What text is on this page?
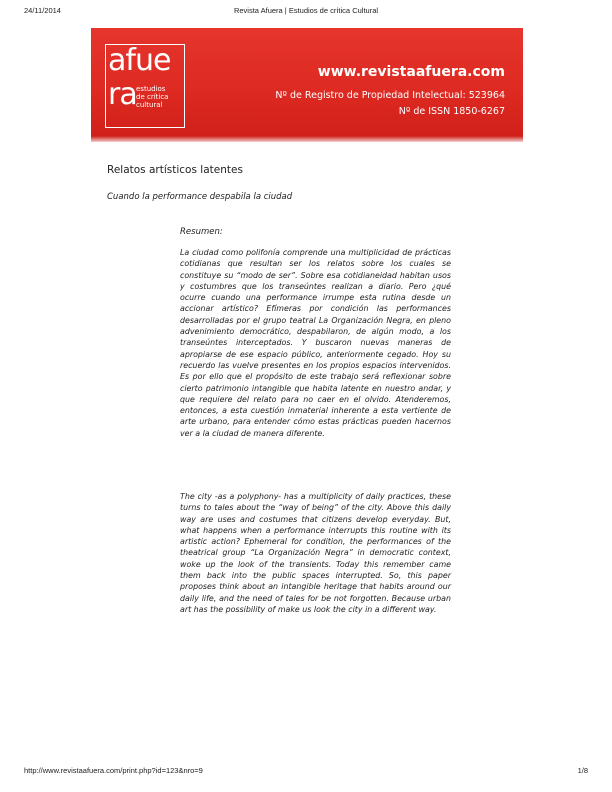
24/11/2014	Revista Afuera | Estudios de crítica Cultural
afue
ra estudios
de crítica
cultural
www.revistaafuera.com
Nº de Registro de Propiedad Intelectual: 523964
Nº de ISSN 1850-6267
Relatos artísticos latentes
Cuando la performance despabila la ciudad
Resumen:

La ciudad como polifonía comprende una multiplicidad de prácticas cotidianas que resultan ser los relatos sobre los cuales se constituye su “modo de ser”. Sobre esa cotidianeidad habitan usos y costumbres que los transeúntes realizan a diario. Pero ¿qué ocurre cuando una performance irrumpe esta rutina desde un accionar artístico? Efímeras por condición las performances desarrolladas por el grupo teatral La Organización Negra, en pleno advenimiento democrático, despabilaron, de algún modo, a los transeúntes interceptados. Y buscaron nuevas maneras de apropiarse de ese espacio público, anteriormente cegado. Hoy su recuerdo las vuelve presentes en los propios espacios intervenidos. Es por ello que el propósito de este trabajo será reflexionar sobre cierto patrimonio intangible que habita latente en nuestro andar, y que requiere del relato para no caer en el olvido. Atenderemos, entonces, a esta cuestión inmaterial inherente a esta vertiente de arte urbano, para entender cómo estas prácticas pueden hacernos ver a la ciudad de manera diferente.

The city -as a polyphony- has a multiplicity of daily practices, these turns to tales about the “way of being” of the city. Above this daily way are uses and costumes that citizens develop everyday. But, what happens when a performance interrupts this routine with its artistic action? Ephemeral for condition, the performances of the theatrical group “La Organización Negra” in democratic context, woke up the look of the transients. Today this remember came them back into the public spaces interrupted. So, this paper proposes think about an intangible heritage that habits around our daily life, and the need of tales for be not forgotten. Because urban art has the possibility of make us look the city in a different way.

http://www.revistaafuera.com/print.php?id=123&nro=9	1/8
